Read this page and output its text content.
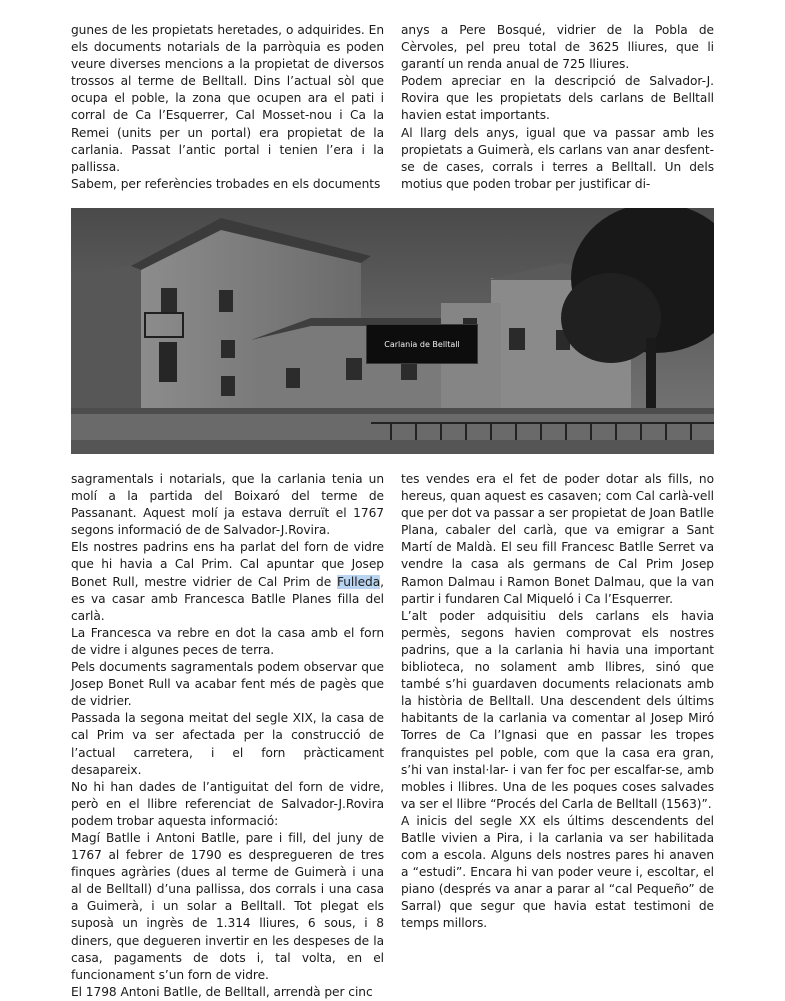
gunes de les propietats heretades, o adquirides. En els documents notarials de la parròquia es poden veure diverses mencions a la propietat de diversos trossos al terme de Belltall. Dins l’actual sòl que ocupa el poble, la zona que ocupen ara el pati i corral de Ca l’Esquerrer, Cal Mosset-nou i Ca la Remei (units per un portal) era propietat de la carlania. Passat l’antic portal i tenien l’era i la pallissa.

Sabem, per referències trobades en els documents

anys a Pere Bosqué, vidrier de la Pobla de Cèrvoles, pel preu total de 3625 lliures, que li garantí un renda anual de 725 lliures.

Podem apreciar en la descripció de Salvador-J. Rovira que les propietats dels carlans de Belltall havien estat importants.

Al llarg dels anys, igual que va passar amb les propietats a Guimerà, els carlans van anar desfent-se de cases, corrals i terres a Belltall. Un dels motius que poden trobar per justificar di-

Carlania de Belltall

sagramentals i notarials, que la carlania tenia un molí a la partida del Boixaró del terme de Passanant. Aquest molí ja estava derruït el 1767 segons informació de de Salvador-J.Rovira.

Els nostres padrins ens ha parlat del forn de vidre que hi havia a Cal Prim. Cal apuntar que Josep Bonet Rull, mestre vidrier de Cal Prim de Fulleda, es va casar amb Francesca Batlle Planes filla del carlà.

La Francesca va rebre en dot la casa amb el forn de vidre i algunes peces de terra.

Pels documents sagramentals podem observar que Josep Bonet Rull va acabar fent més de pagès que de vidrier.

Passada la segona meitat del segle XIX, la casa de cal Prim va ser afectada per la construcció de l’actual carretera, i el forn pràcticament desapareix.

No hi han dades de l’antiguitat del forn de vidre, però en el llibre referenciat de Salvador-J.Rovira podem trobar aquesta informació:

Magí Batlle i Antoni Batlle, pare i fill, del juny de 1767 al febrer de 1790 es despregueren de tres finques agràries (dues al terme de Guimerà i una al de Belltall) d’una pallissa, dos corrals i una casa a Guimerà, i un solar a Belltall. Tot plegat els suposà un ingrès de 1.314 lliures, 6 sous, i 8 diners, que degueren invertir en les despeses de la casa, pagaments de dots i, tal volta, en el funcionament s’un forn de vidre.

El 1798 Antoni Batlle, de Belltall, arrendà per cinc

tes vendes era el fet de poder dotar als fills, no hereus, quan aquest es casaven; com Cal carlà-vell que per dot va passar a ser propietat de Joan Batlle Plana, cabaler del carlà, que va emigrar a Sant Martí de Maldà. El seu fill Francesc Batlle Serret va vendre la casa als germans de Cal Prim Josep Ramon Dalmau i Ramon Bonet Dalmau, que la van partir i fundaren Cal Miqueló i Ca l’Esquerrer.

L’alt poder adquisitiu dels carlans els havia permès, segons havien comprovat els nostres padrins, que a la carlania hi havia una important biblioteca, no solament amb llibres, sinó que també s’hi guardaven documents relacionats amb la història de Belltall. Una descendent dels últims habitants de la carlania va comentar al Josep Miró Torres de Ca l’Ignasi que en passar les tropes franquistes pel poble, com que la casa era gran, s’hi van instal·lar- i van fer foc per escalfar-se, amb mobles i llibres. Una de les poques coses salvades va ser el llibre “Procés del Carla de Belltall (1563)”.

A inicis del segle XX els últims descendents del Batlle vivien a Pira, i la carlania va ser habilitada com a escola. Alguns dels nostres pares hi anaven a “estudi”. Encara hi van poder veure i, escoltar, el piano (després va anar a parar al “cal Pequeño” de Sarral) que segur que havia estat testimoni de temps millors.
